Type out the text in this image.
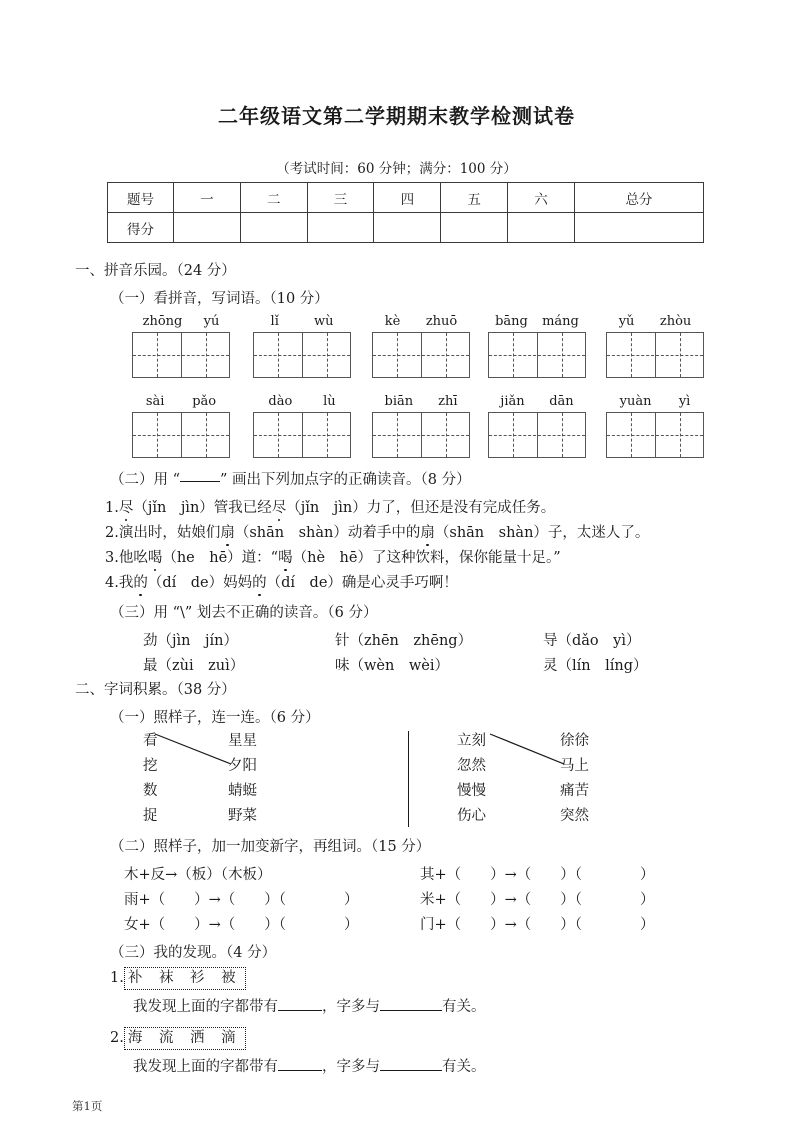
二年级语文第二学期期末教学检测试卷
（考试时间：60 分钟；满分：100 分）
题号	一	二	三	四	五	六	总分
得分							
一、拼音乐园。（24 分）
（一）看拼音，写词语。（10 分）
zhōng yú	lǐ	wù	kè zhuō	bāng máng	yǔ zhòu
sài pǎo	dào lù	biān zhī	jiǎn dān	yuàn yì
（二）用 “	” 画出下列加点字的正确读音。（8 分）
1.尽（jǐn　jìn）管我已经尽（jǐn　jìn）力了，但还是没有完成任务。
2.演出时，姑娘们扇（shān　shàn）动着手中的扇（shān　shàn）子，太迷人了。
3.他吆喝（he　hē）道：“喝（hè　hē）了这种饮料，保你能量十足。”
4.我的（dí　de）妈妈的（dí　de）确是心灵手巧啊！
（三）用 “\” 划去不正确的读音。（6 分）
劲（jìn　jín）	针（zhēn　zhēng）	导（dǎo　yì）
最（zùi　zuì）	味（wèn　wèi）	灵（lín　líng）
二、字词积累。（38 分）
（一）照样子，连一连。（6 分）
看
挖
数
捉
星星
夕阳
蜻蜓
野菜
立刻
忽然
慢慢
伤心
徐徐
马上
痛苦
突然
（二）照样子，加一加变新字，再组词。（15 分）
木+反→（板）（木板）	其+（　　）→（　　）（　　　　）
雨+（　　）→（　　）（　　　　）	米+（　　）→（　　）（　　　　）
女+（　　）→（　　）（　　　　）	门+（　　）→（　　）（　　　　）
（三）我的发现。（4 分）
1. 补 袜 衫 被
我发现上面的字都带有	，字多与	有关。
2. 海 流 洒 滴
我发现上面的字都带有	，字多与	有关。
第1页
